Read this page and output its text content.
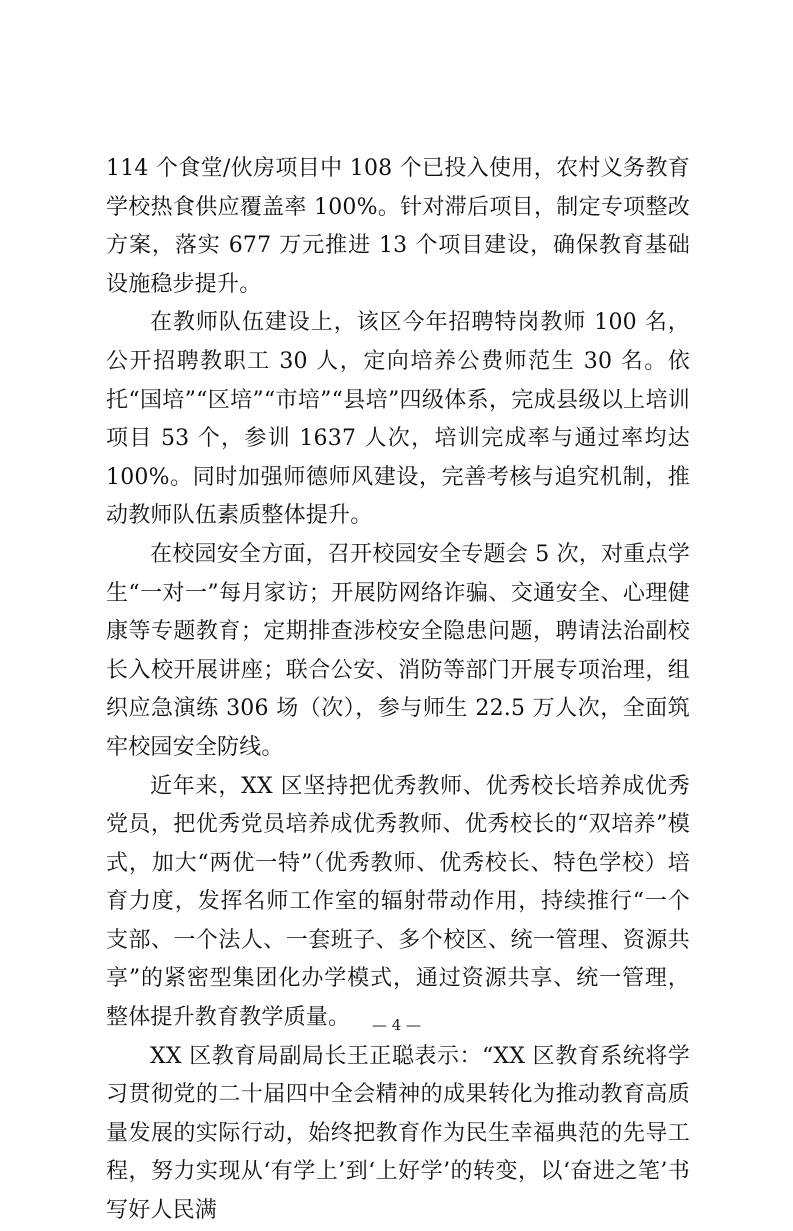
114 个食堂/伙房项目中 108 个已投入使用，农村义务教育学校热食供应覆盖率 100%。针对滞后项目，制定专项整改方案，落实 677 万元推进 13 个项目建设，确保教育基础设施稳步提升。

在教师队伍建设上，该区今年招聘特岗教师 100 名，公开招聘教职工 30 人，定向培养公费师范生 30 名。依托“国培”“区培”“市培”“县培”四级体系，完成县级以上培训项目 53 个，参训 1637 人次，培训完成率与通过率均达 100%。同时加强师德师风建设，完善考核与追究机制，推动教师队伍素质整体提升。

在校园安全方面，召开校园安全专题会 5 次，对重点学生“一对一”每月家访；开展防网络诈骗、交通安全、心理健康等专题教育；定期排查涉校安全隐患问题，聘请法治副校长入校开展讲座；联合公安、消防等部门开展专项治理，组织应急演练 306 场（次），参与师生 22.5 万人次，全面筑牢校园安全防线。

近年来，XX 区坚持把优秀教师、优秀校长培养成优秀党员，把优秀党员培养成优秀教师、优秀校长的“双培养”模式，加大“两优一特”（优秀教师、优秀校长、特色学校）培育力度，发挥名师工作室的辐射带动作用，持续推行“一个支部、一个法人、一套班子、多个校区、统一管理、资源共享”的紧密型集团化办学模式，通过资源共享、统一管理，整体提升教育教学质量。

XX 区教育局副局长王正聪表示：“XX 区教育系统将学习贯彻党的二十届四中全会精神的成果转化为推动教育高质量发展的实际行动，始终把教育作为民生幸福典范的先导工程，努力实现从‘有学上’到‘上好学’的转变，以‘奋进之笔’书写好人民满

— 4 —
